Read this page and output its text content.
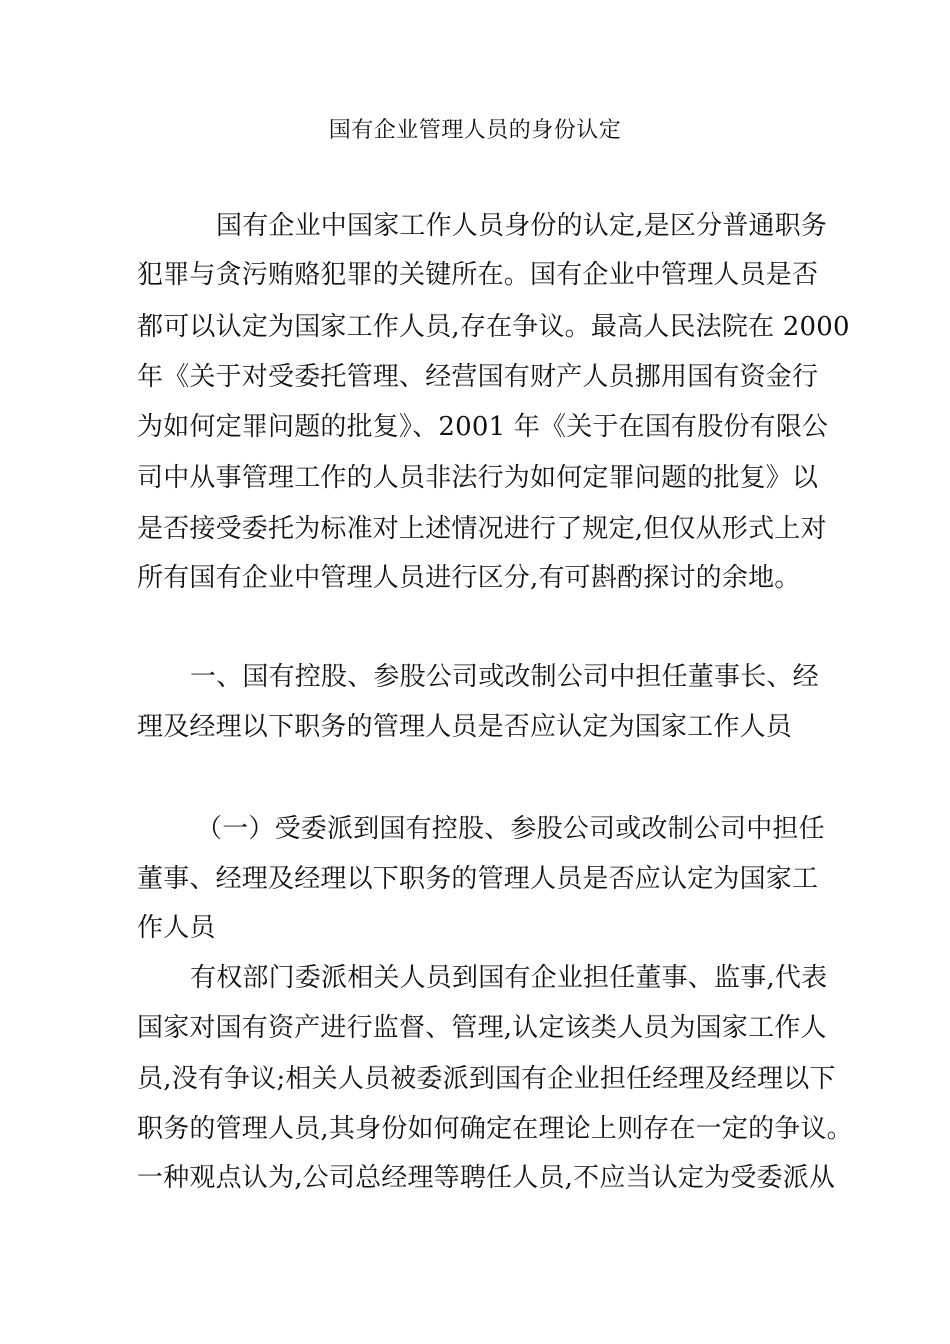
国有企业管理人员的身份认定
国有企业中国家工作人员身份的认定,是区分普通职务
犯罪与贪污贿赂犯罪的关键所在。国有企业中管理人员是否
都可以认定为国家工作人员,存在争议。最高人民法院在 2000
年《关于对受委托管理、经营国有财产人员挪用国有资金行
为如何定罪问题的批复》、2001 年《关于在国有股份有限公
司中从事管理工作的人员非法行为如何定罪问题的批复》以
是否接受委托为标准对上述情况进行了规定,但仅从形式上对
所有国有企业中管理人员进行区分,有可斟酌探讨的余地。
一、国有控股、参股公司或改制公司中担任董事长、经
理及经理以下职务的管理人员是否应认定为国家工作人员
（一）受委派到国有控股、参股公司或改制公司中担任
董事、经理及经理以下职务的管理人员是否应认定为国家工
作人员
有权部门委派相关人员到国有企业担任董事、监事,代表
国家对国有资产进行监督、管理,认定该类人员为国家工作人
员,没有争议;相关人员被委派到国有企业担任经理及经理以下
职务的管理人员,其身份如何确定在理论上则存在一定的争议。
一种观点认为,公司总经理等聘任人员,不应当认定为受委派从
